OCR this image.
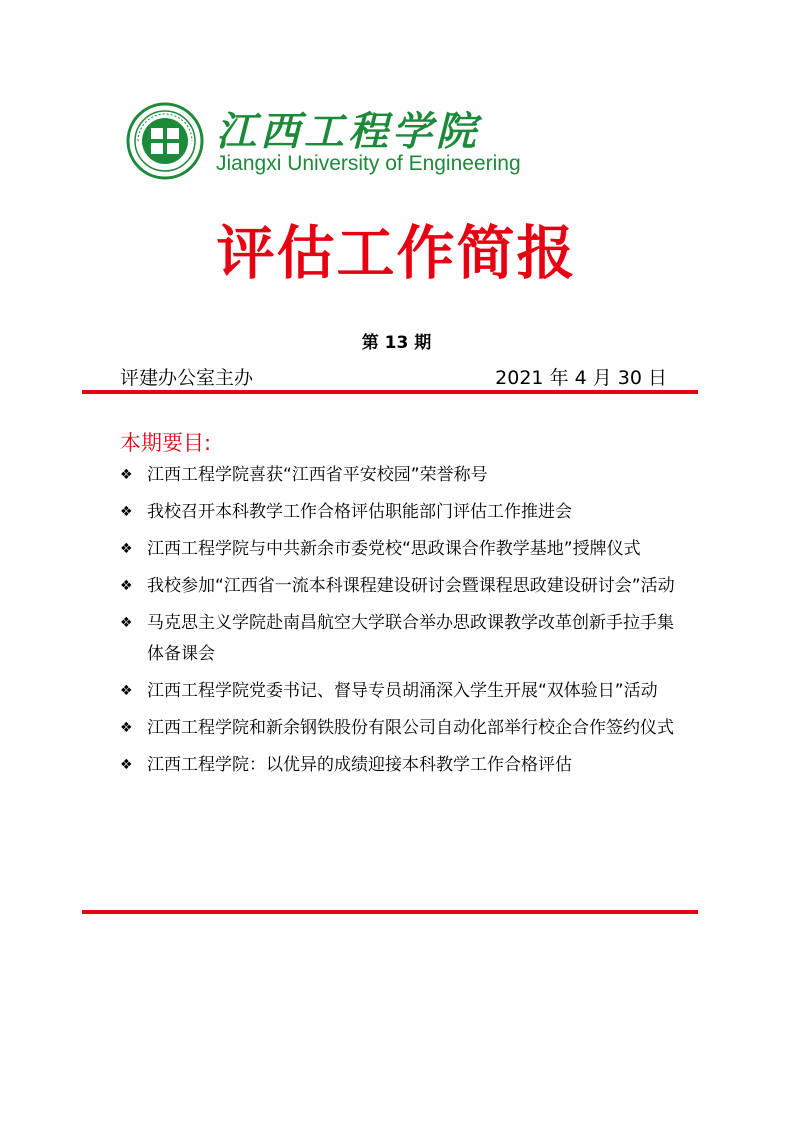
江西工程学院
Jiangxi University of Engineering
评估工作简报
第 13 期
评建办公室主办	2021 年 4 月 30 日
本期要目:
❖ 江西工程学院喜获“江西省平安校园”荣誉称号
❖ 我校召开本科教学工作合格评估职能部门评估工作推进会
❖ 江西工程学院与中共新余市委党校“思政课合作教学基地”授牌仪式
❖ 我校参加“江西省一流本科课程建设研讨会暨课程思政建设研讨会”活动
❖ 马克思主义学院赴南昌航空大学联合举办思政课教学改革创新手拉手集体备课会
❖ 江西工程学院党委书记、督导专员胡涌深入学生开展“双体验日”活动
❖ 江西工程学院和新余钢铁股份有限公司自动化部举行校企合作签约仪式
❖ 江西工程学院：以优异的成绩迎接本科教学工作合格评估
